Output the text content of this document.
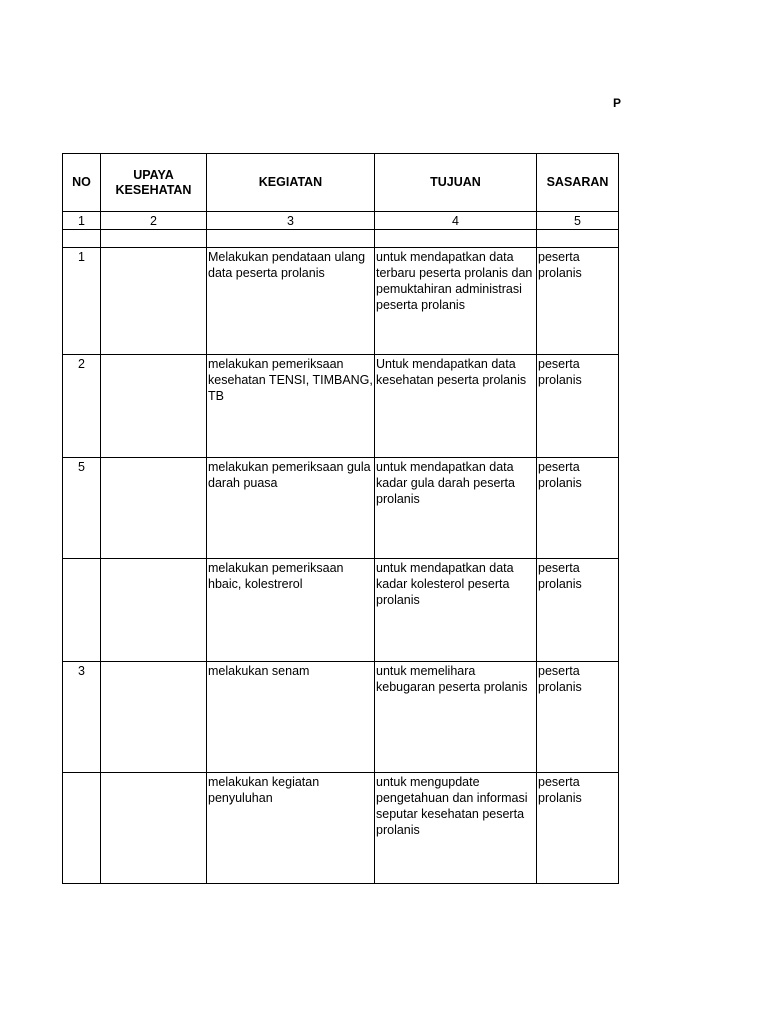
P
NO	UPAYA KESEHATAN	KEGIATAN	TUJUAN	SASARAN
1	2	3	4	5

1		Melakukan pendataan ulang data peserta prolanis	untuk mendapatkan data terbaru peserta prolanis dan pemuktahiran administrasi peserta prolanis	peserta prolanis
2		melakukan pemeriksaan kesehatan TENSI, TIMBANG, TB	Untuk mendapatkan data kesehatan peserta prolanis	peserta prolanis
5		melakukan pemeriksaan gula darah puasa	untuk mendapatkan data kadar gula darah peserta prolanis	peserta prolanis
		melakukan pemeriksaan hbaic, kolestrerol	untuk mendapatkan data kadar kolesterol peserta prolanis	peserta prolanis
3		melakukan senam	untuk memelihara kebugaran peserta prolanis	peserta prolanis
		melakukan kegiatan penyuluhan	untuk mengupdate pengetahuan dan informasi seputar kesehatan peserta prolanis	peserta prolanis
